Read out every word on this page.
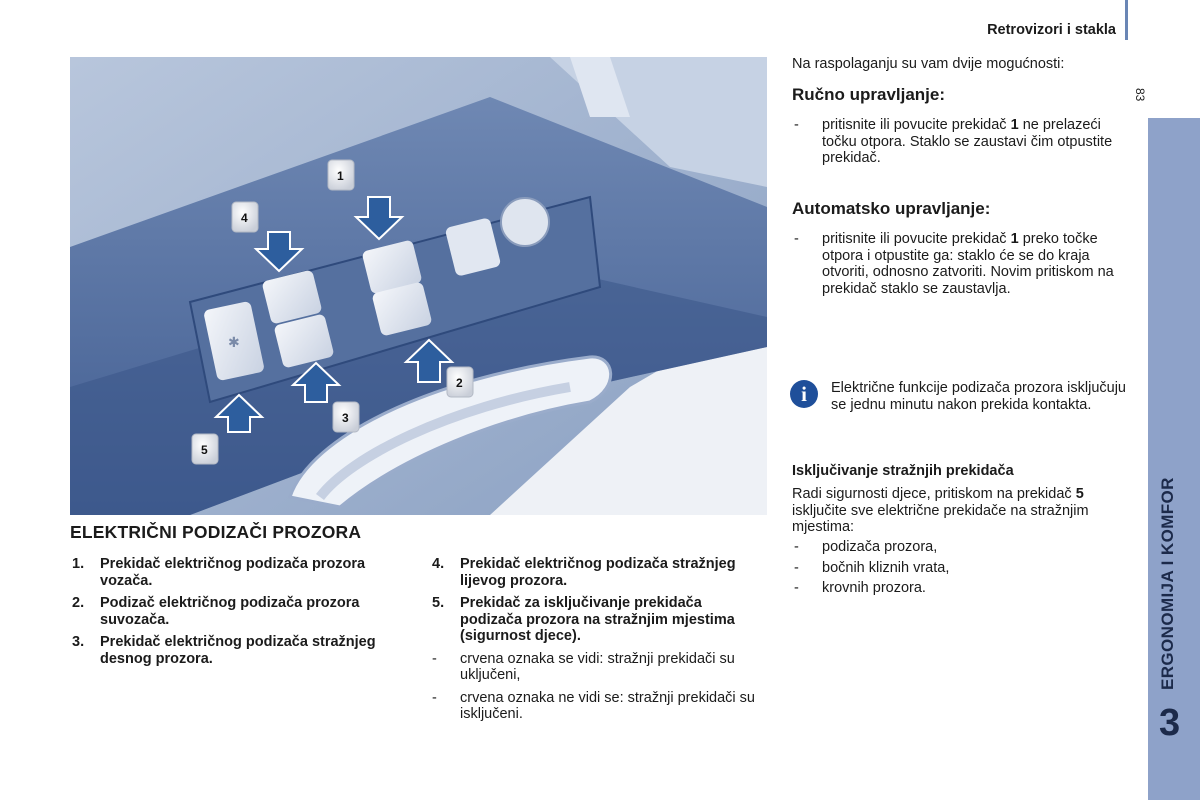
Retrovizori i stakla
83
ERGONOMIJA I KOMFOR
3
✱
1
2
3
4
5
ELEKTRIČNI PODIZAČI PROZORA
1. Prekidač električnog podizača prozora vozača.
2. Podizač električnog podizača prozora suvozača.
3. Prekidač električnog podizača stražnjeg desnog prozora.
4. Prekidač električnog podizača stražnjeg lijevog prozora.
5. Prekidač za isključivanje prekidača podizača prozora na stražnjim mjestima (sigurnost djece).
- crvena oznaka se vidi: stražnji prekidači su uključeni,
- crvena oznaka ne vidi se: stražnji prekidači su isključeni.
Na raspolaganju su vam dvije mogućnosti:
Ručno upravljanje:
- pritisnite ili povucite prekidač 1 ne prelazeći točku otpora. Staklo se zaustavi čim otpustite prekidač.
Automatsko upravljanje:
- pritisnite ili povucite prekidač 1 preko točke otpora i otpustite ga: staklo će se do kraja otvoriti, odnosno zatvoriti. Novim pritiskom na prekidač staklo se zaustavlja.
i	Električne funkcije podizača prozora isključuju se jednu minutu nakon prekida kontakta.
Isključivanje stražnjih prekidača
Radi sigurnosti djece, pritiskom na prekidač 5 isključite sve električne prekidače na stražnjim mjestima:
- podizača prozora,
- bočnih kliznih vrata,
- krovnih prozora.
